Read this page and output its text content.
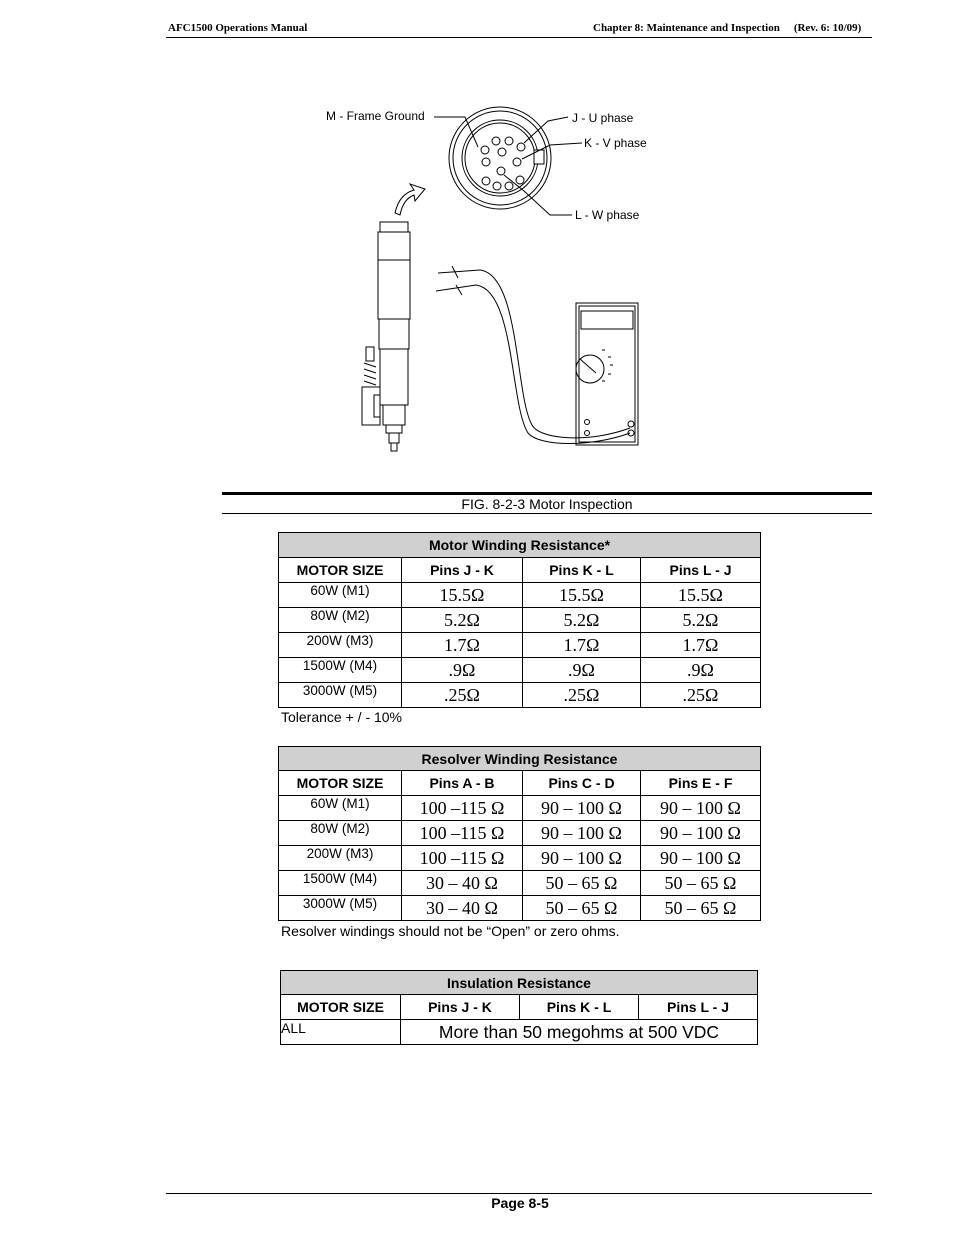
AFC1500 Operations Manual	Chapter 8: Maintenance and Inspection (Rev. 6: 10/09)
M - Frame Ground	J - U phase
K - V phase
L - W phase
FIG. 8-2-3 Motor Inspection
Motor Winding Resistance*			
MOTOR SIZE	Pins J - K	Pins K - L	Pins L - J
60W (M1)	15.5Ω	15.5Ω	15.5Ω
80W (M2)	5.2Ω	5.2Ω	5.2Ω
200W (M3)	1.7Ω	1.7Ω	1.7Ω
1500W (M4)	.9Ω	.9Ω	.9Ω
3000W (M5)	.25Ω	.25Ω	.25Ω
Tolerance + / - 10%
Resolver Winding Resistance			
MOTOR SIZE	Pins A - B	Pins C - D	Pins E - F
60W (M1)	100 –115 Ω	90 – 100 Ω	90 – 100 Ω
80W (M2)	100 –115 Ω	90 – 100 Ω	90 – 100 Ω
200W (M3)	100 –115 Ω	90 – 100 Ω	90 – 100 Ω
1500W (M4)	30 – 40 Ω	50 – 65 Ω	50 – 65 Ω
3000W (M5)	30 – 40 Ω	50 – 65 Ω	50 – 65 Ω
Resolver windings should not be “Open” or zero ohms.
Insulation Resistance			
MOTOR SIZE	Pins J - K	Pins K - L	Pins L - J
ALL	More than 50 megohms at 500 VDC		
Page 8-5
